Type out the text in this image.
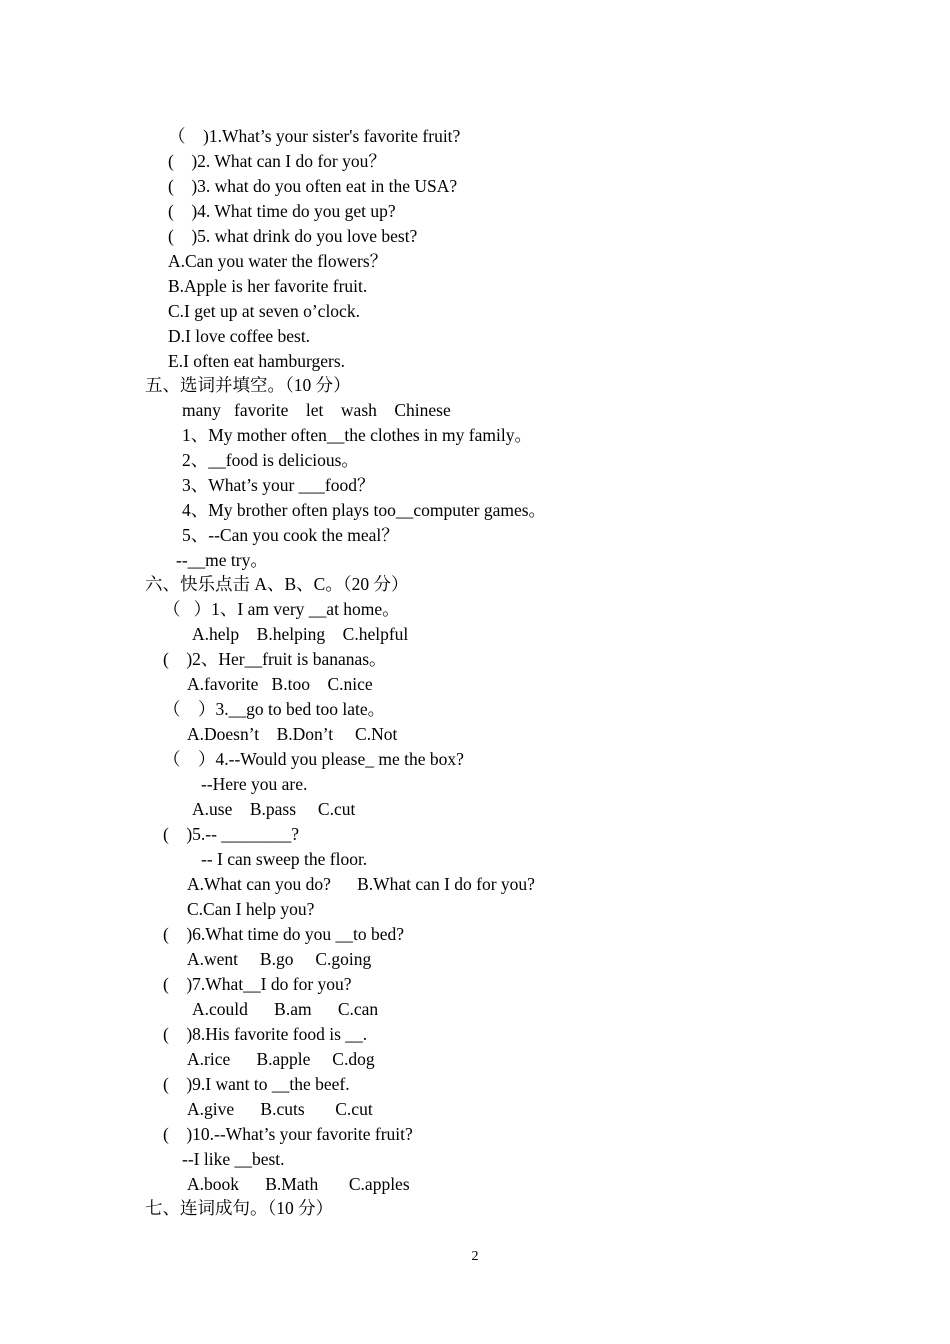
（    )1.What’s your sister's favorite fruit?
(    )2. What can I do for you？
(    )3. what do you often eat in the USA?
(    )4. What time do you get up?
(    )5. what drink do you love best?
A.Can you water the flowers？
B.Apple is her favorite fruit.
C.I get up at seven o’clock.
D.I love coffee best.
E.I often eat hamburgers.
五、选词并填空。（10 分）
many   favorite    let    wash    Chinese
1、My mother often__the clothes in my family。
2、__food is delicious。
3、What’s your ___food？
4、My brother often plays too__computer games。
5、--Can you cook the meal？
--__me try。
六、快乐点击 A、B、C。（20 分）
（   ）1、I am very __at home。
A.help    B.helping    C.helpful
(    )2、Her__fruit is bananas。
A.favorite   B.too    C.nice
（    ）3.__go to bed too late。
A.Doesn’t    B.Don’t     C.Not
（    ）4.--Would you please_ me the box?
--Here you are.
A.use    B.pass     C.cut
(    )5.-- ________?
-- I can sweep the floor.
A.What can you do?      B.What can I do for you?
C.Can I help you?
(    )6.What time do you __to bed?
A.went     B.go     C.going
(    )7.What__I do for you?
A.could      B.am      C.can
(    )8.His favorite food is __.
A.rice      B.apple     C.dog
(    )9.I want to __the beef.
A.give      B.cuts       C.cut
(    )10.--What’s your favorite fruit?
--I like __best.
A.book      B.Math       C.apples
七、连词成句。（10 分）
2
